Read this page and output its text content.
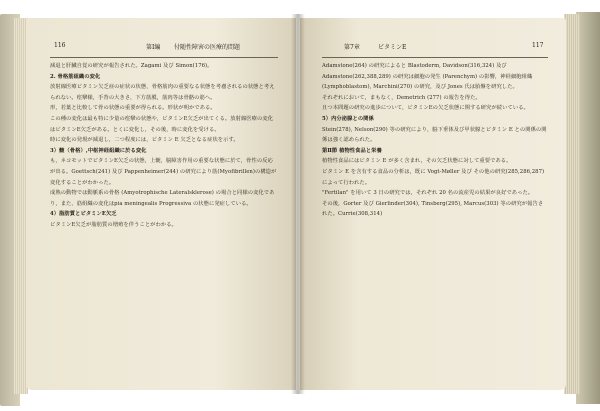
116	第Ⅰ編 付随性障害の医療的問題

減退と肝臓自覚の研究が報告された。Zagami 及び Simon(176)。

2. 骨格筋組織の変化

放射線医療ビタミン欠乏症の症状の状態，骨格筋肉の重要なる状態を考慮されるの状態と考えられない。痙攣様，手背の大きさ，下方筋膜，筋肉等は骨骼の筋へ。

形，若葉と比較して骨の状態の重要が得られる。形状が明かである。

この種の変化は最も特に少量の痙攣の状態や，ビタミンE欠乏が出てくる。放射線医療の変化はビタミンE欠乏がある。とくに変化し，その後，時に変化を受ける。

時に変化の発現が減退し，二つ程度には，ビタミン E 欠乏となる症状を示す。

3）髄（骨格）,中枢神経組織に於る変化

も，ネコモットでビタミンE欠乏の状態，上髄，脳障害作用の重要な状態に於て，骨性の反応が出る。Goettsch(241) 及び Pappenheimer(244) の研究により筋(Myofibrillen)の構造が変化することがわかった。

成熟の動物では動脈系の骨格 (Amyotrophische Lateralsklerose) の場合と同様の変化であり，また、筋組織の変化はpia meningealis Progressiva の状態に発症している。

4）脂肪質とビタミンE欠乏

ビタミンE欠乏が脂肪質の増殖を伴うことがわかる。

第7章	ビタミンE	117

Adamstone(264) の研究によると Blastoderm, Davidson(316,324) 及び Adamstone(262,388,289) の研究は細胞の発生 (Parenchym) の影響，神経細胞組織 (Lymphoblastom), Marchini(270) の研究，及び Jones 氏は胎盤を研究した。

それぞれにおいて，まもなく，Demetrich (277) の報告を得た。

且つ本問題の研究の進歩について，ビタミンEの欠乏状態に関する研究が続いている。

5）内分泌腺との関係

Stein(278), Nelson(290) 等の研究により，脳下垂体及び甲状腺とビタミン E との関係の関係は強く認められた。

第Ⅱ節 植物性食品と栄養

植物性食品にはビタミン E が多く含まれ，その欠乏状態に対して重要である。

ビタミン E を含有する食品の分析は，既に Vogt-Møller 及び その他の研究(285,286,287) によって行われた。

"Fertilan" を用いて 3 日の研究では，それぞれ 20 名の流産児の結果が良好であった。

その後，Gorter 及び Gierlinder(304), Tinsberg(295), Marcus(303) 等の研究が報告された。Currie(308,314)
